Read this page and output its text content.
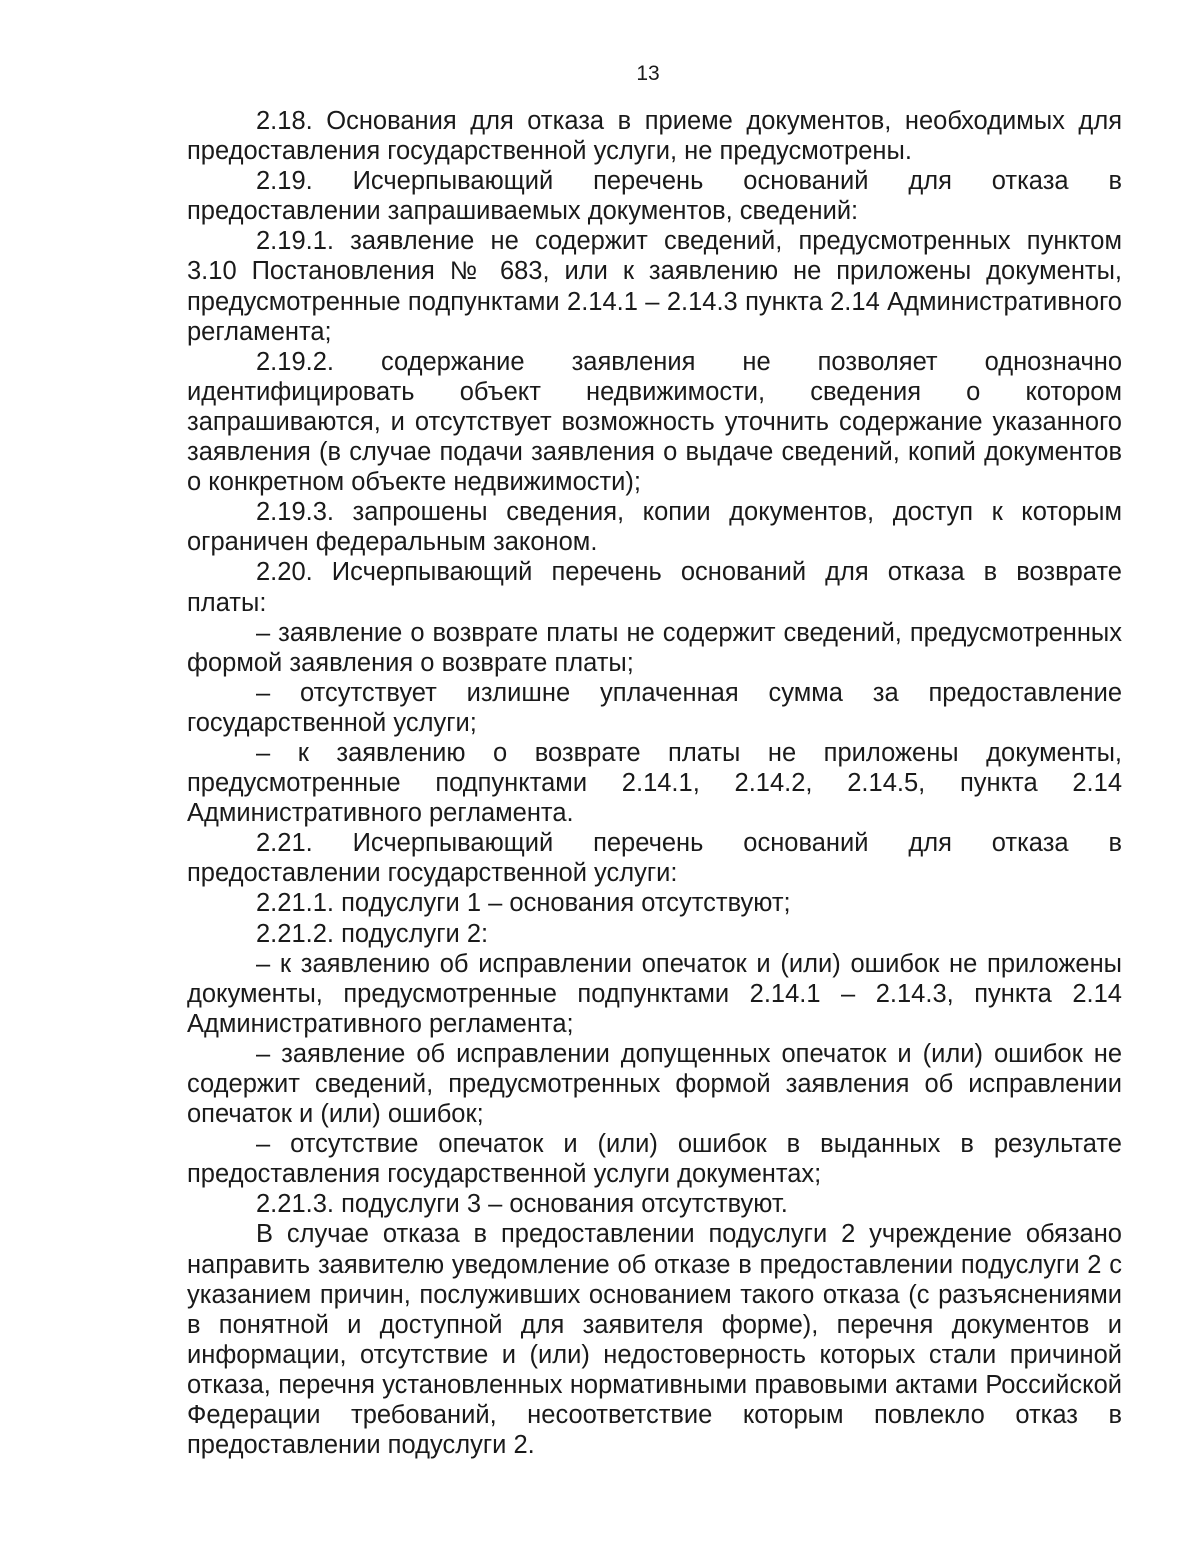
13

2.18. Основания для отказа в приеме документов, необходимых для предоставления государственной услуги, не предусмотрены.

2.19. Исчерпывающий перечень оснований для отказа в предоставлении запрашиваемых документов, сведений:

2.19.1. заявление не содержит сведений, предусмотренных пунктом 3.10 Постановления № 683, или к заявлению не приложены документы, предусмотренные подпунктами 2.14.1 – 2.14.3 пункта 2.14 Административного регламента;

2.19.2. содержание заявления не позволяет однозначно идентифицировать объект недвижимости, сведения о котором запрашиваются, и отсутствует возможность уточнить содержание указанного заявления (в случае подачи заявления о выдаче сведений, копий документов о конкретном объекте недвижимости);

2.19.3. запрошены сведения, копии документов, доступ к которым ограничен федеральным законом.

2.20. Исчерпывающий перечень оснований для отказа в возврате платы:

– заявление о возврате платы не содержит сведений, предусмотренных формой заявления о возврате платы;

– отсутствует излишне уплаченная сумма за предоставление государственной услуги;

– к заявлению о возврате платы не приложены документы, предусмотренные подпунктами 2.14.1, 2.14.2, 2.14.5, пункта 2.14 Административного регламента.

2.21. Исчерпывающий перечень оснований для отказа в предоставлении государственной услуги:

2.21.1. подуслуги 1 – основания отсутствуют;

2.21.2. подуслуги 2:

– к заявлению об исправлении опечаток и (или) ошибок не приложены документы, предусмотренные подпунктами 2.14.1 – 2.14.3, пункта 2.14 Административного регламента;

– заявление об исправлении допущенных опечаток и (или) ошибок не содержит сведений, предусмотренных формой заявления об исправлении опечаток и (или) ошибок;

– отсутствие опечаток и (или) ошибок в выданных в результате предоставления государственной услуги документах;

2.21.3. подуслуги 3 – основания отсутствуют.

В случае отказа в предоставлении подуслуги 2 учреждение обязано направить заявителю уведомление об отказе в предоставлении подуслуги 2 с указанием причин, послуживших основанием такого отказа (с разъяснениями в понятной и доступной для заявителя форме), перечня документов и информации, отсутствие и (или) недостоверность которых стали причиной отказа, перечня установленных нормативными правовыми актами Российской Федерации требований, несоответствие которым повлекло отказ в предоставлении подуслуги 2.
